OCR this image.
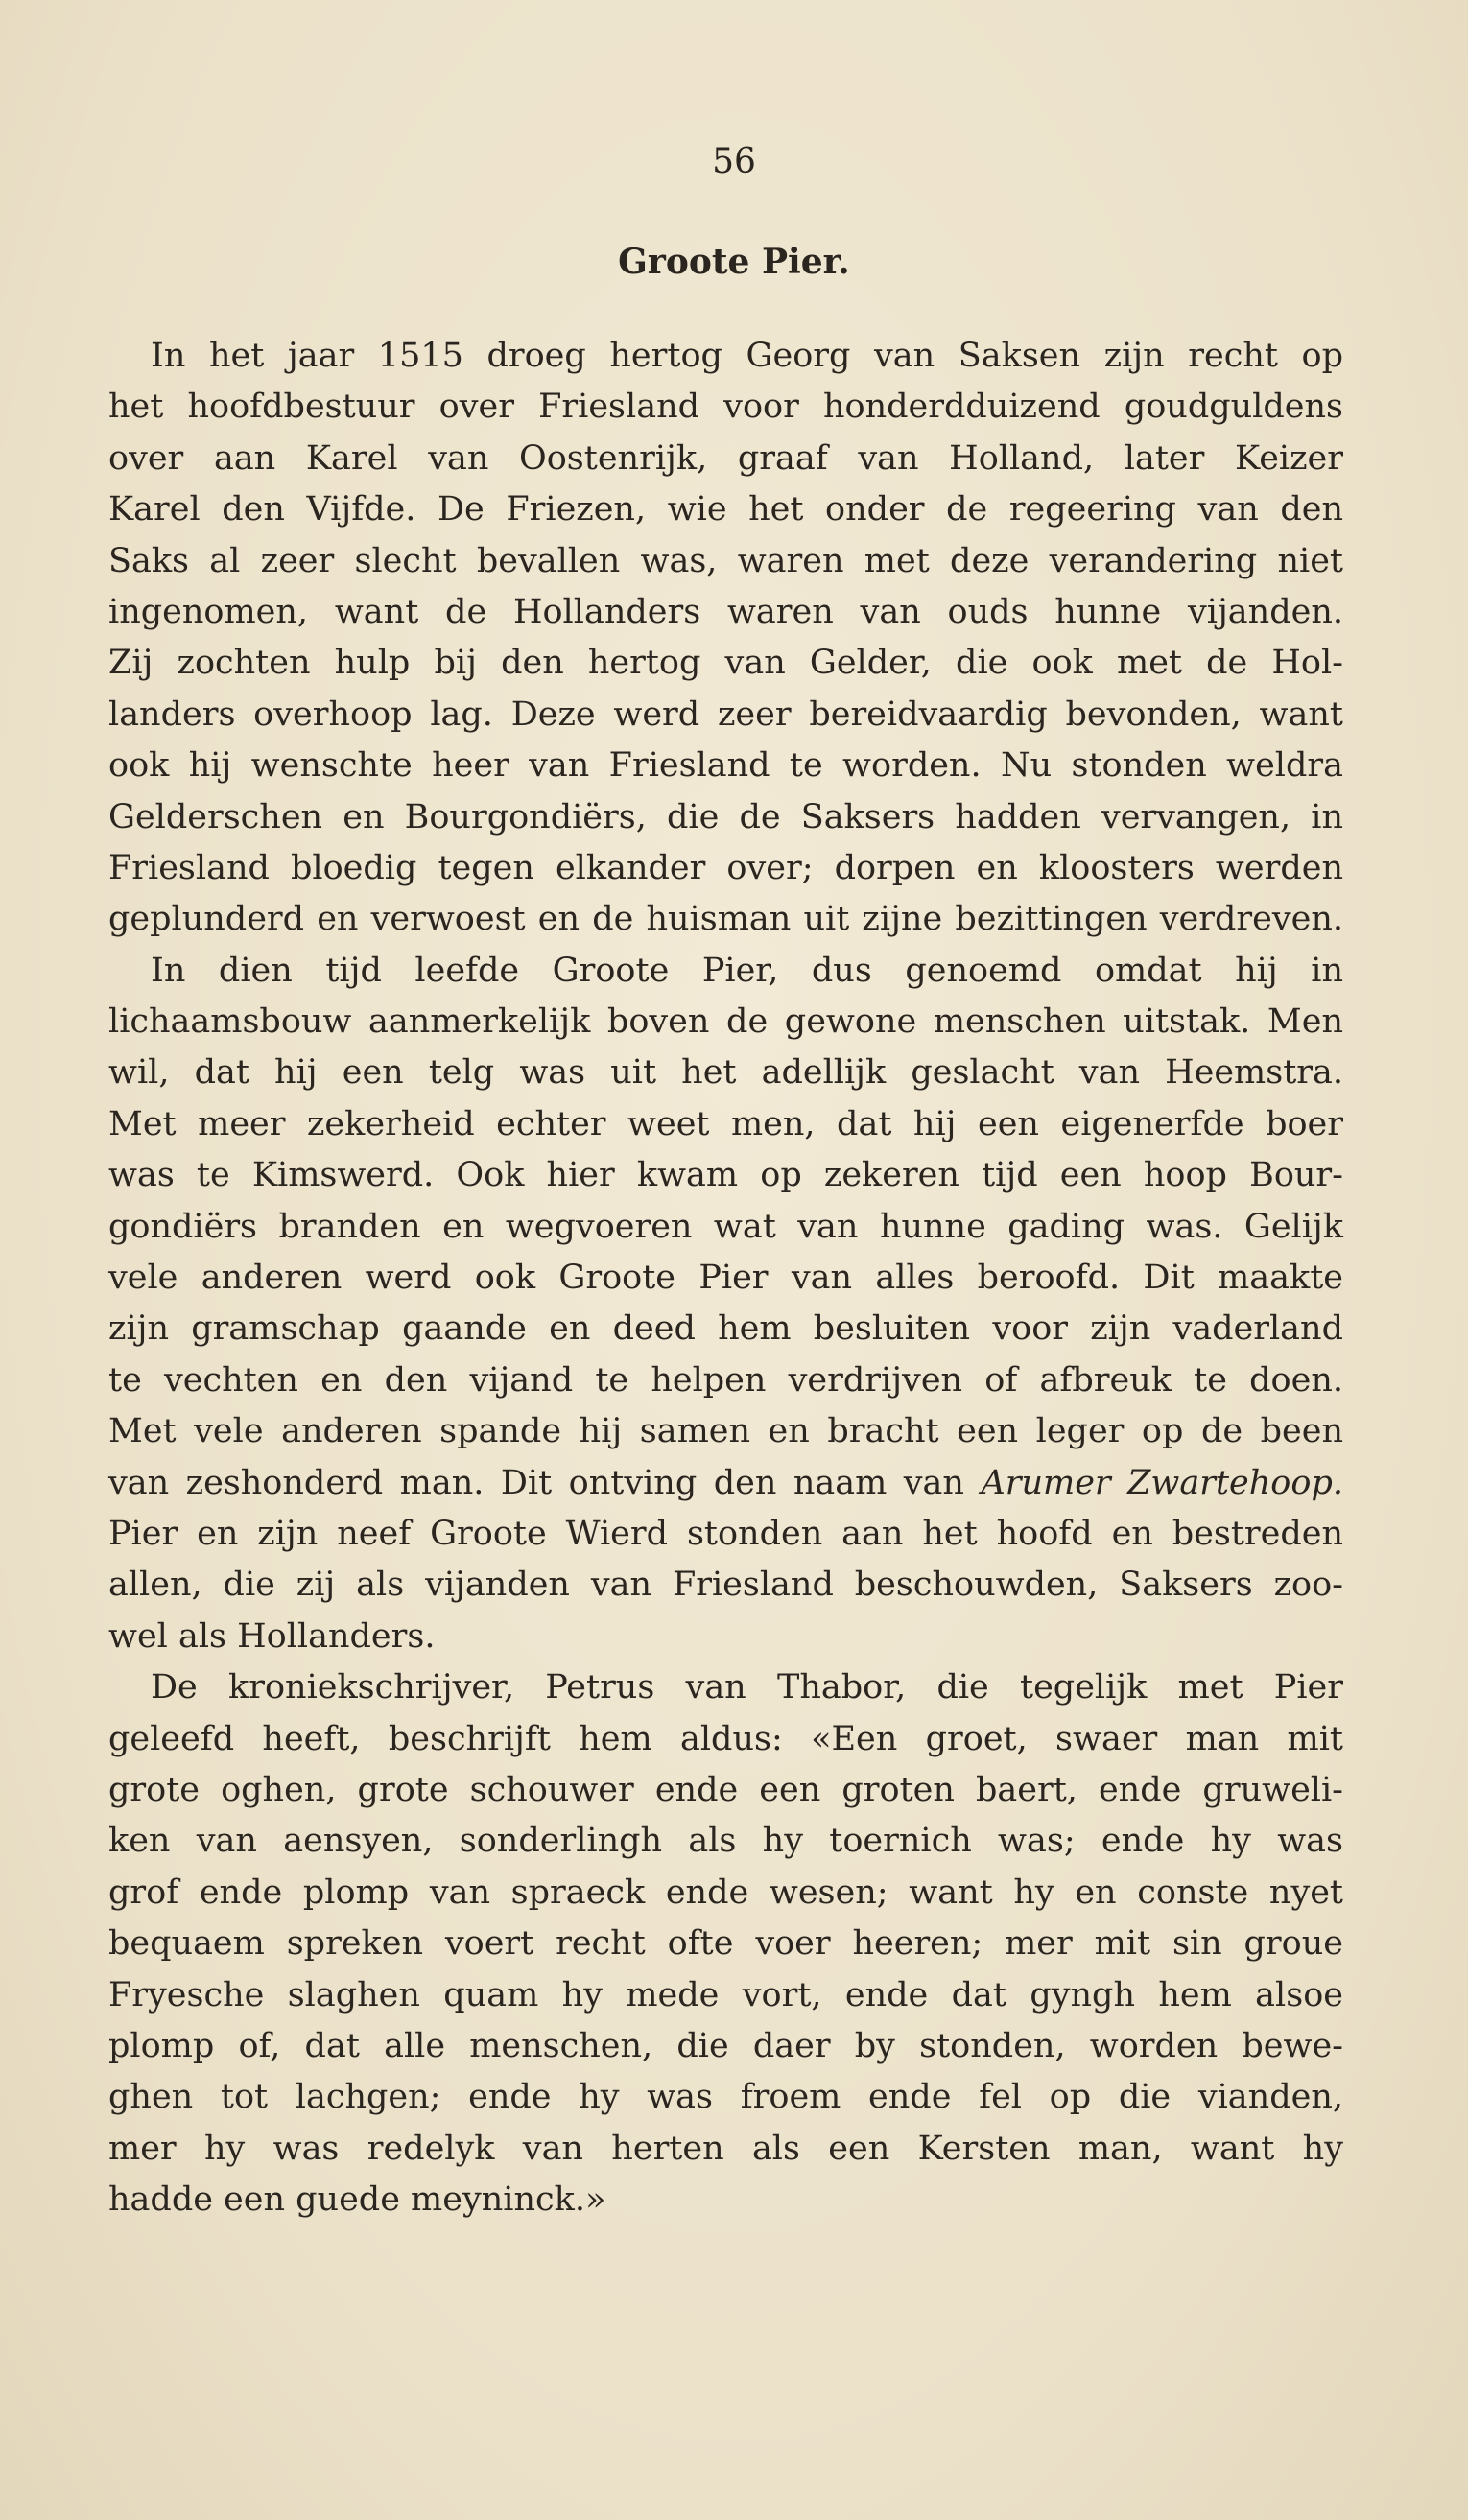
56
Groote Pier.
In het jaar 1515 droeg hertog Georg van Saksen zijn recht op
het hoofdbestuur over Friesland voor honderdduizend goudguldens
over aan Karel van Oostenrijk, graaf van Holland, later Keizer
Karel den Vijfde. De Friezen, wie het onder de regeering van den
Saks al zeer slecht bevallen was, waren met deze verandering niet
ingenomen, want de Hollanders waren van ouds hunne vijanden.
Zij zochten hulp bij den hertog van Gelder, die ook met de Hol-
landers overhoop lag. Deze werd zeer bereidvaardig bevonden, want
ook hij wenschte heer van Friesland te worden. Nu stonden weldra
Gelderschen en Bourgondiërs, die de Saksers hadden vervangen, in
Friesland bloedig tegen elkander over; dorpen en kloosters werden
geplunderd en verwoest en de huisman uit zijne bezittingen verdreven.
In dien tijd leefde Groote Pier, dus genoemd omdat hij in
lichaamsbouw aanmerkelijk boven de gewone menschen uitstak. Men
wil, dat hij een telg was uit het adellijk geslacht van Heemstra.
Met meer zekerheid echter weet men, dat hij een eigenerfde boer
was te Kimswerd. Ook hier kwam op zekeren tijd een hoop Bour-
gondiërs branden en wegvoeren wat van hunne gading was. Gelijk
vele anderen werd ook Groote Pier van alles beroofd. Dit maakte
zijn gramschap gaande en deed hem besluiten voor zijn vaderland
te vechten en den vijand te helpen verdrijven of afbreuk te doen.
Met vele anderen spande hij samen en bracht een leger op de been
van zeshonderd man. Dit ontving den naam van Arumer Zwartehoop.
Pier en zijn neef Groote Wierd stonden aan het hoofd en bestreden
allen, die zij als vijanden van Friesland beschouwden, Saksers zoo-
wel als Hollanders.
De kroniekschrijver, Petrus van Thabor, die tegelijk met Pier
geleefd heeft, beschrijft hem aldus: «Een groet, swaer man mit
grote oghen, grote schouwer ende een groten baert, ende gruweli-
ken van aensyen, sonderlingh als hy toernich was; ende hy was
grof ende plomp van spraeck ende wesen; want hy en conste nyet
bequaem spreken voert recht ofte voer heeren; mer mit sin groue
Fryesche slaghen quam hy mede vort, ende dat gyngh hem alsoe
plomp of, dat alle menschen, die daer by stonden, worden bewe-
ghen tot lachgen; ende hy was froem ende fel op die vianden,
mer hy was redelyk van herten als een Kersten man, want hy
hadde een guede meyninck.»
